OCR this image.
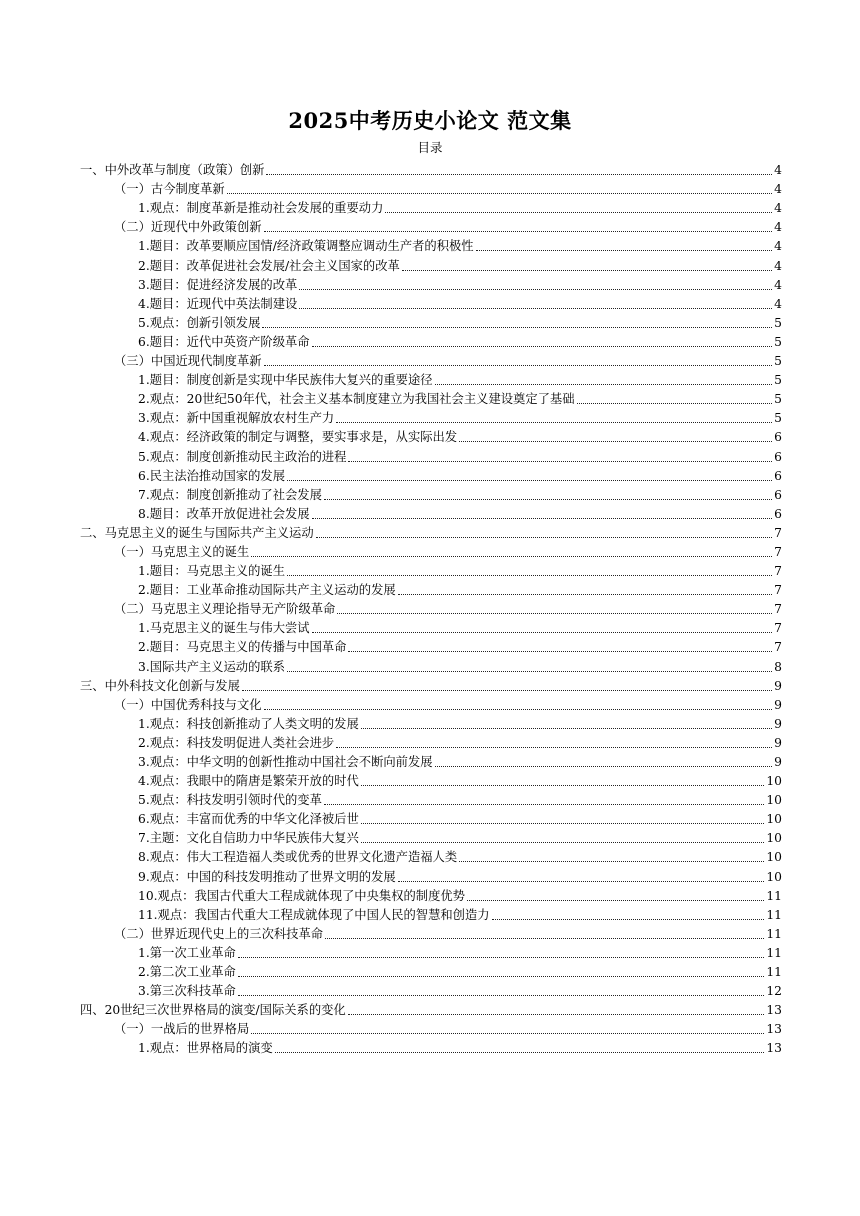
2025中考历史小论文 范文集
目录
一、中外改革与制度（政策）创新	4
（一）古今制度革新	4
1.观点：制度革新是推动社会发展的重要动力	4
（二）近现代中外政策创新	4
1.题目：改革要顺应国情/经济政策调整应调动生产者的积极性	4
2.题目：改革促进社会发展/社会主义国家的改革	4
3.题目：促进经济发展的改革	4
4.题目：近现代中英法制建设	4
5.观点：创新引领发展	5
6.题目：近代中英资产阶级革命	5
（三）中国近现代制度革新	5
1.题目：制度创新是实现中华民族伟大复兴的重要途径	5
2.观点：20世纪50年代，社会主义基本制度建立为我国社会主义建设奠定了基础	5
3.观点：新中国重视解放农村生产力	5
4.观点：经济政策的制定与调整，要实事求是，从实际出发	6
5.观点：制度创新推动民主政治的进程	6
6.民主法治推动国家的发展	6
7.观点：制度创新推动了社会发展	6
8.题目：改革开放促进社会发展	6
二、马克思主义的诞生与国际共产主义运动	7
（一）马克思主义的诞生	7
1.题目：马克思主义的诞生	7
2.题目：工业革命推动国际共产主义运动的发展	7
（二）马克思主义理论指导无产阶级革命	7
1.马克思主义的诞生与伟大尝试	7
2.题目：马克思主义的传播与中国革命	7
3.国际共产主义运动的联系	8
三、中外科技文化创新与发展	9
（一）中国优秀科技与文化	9
1.观点：科技创新推动了人类文明的发展	9
2.观点：科技发明促进人类社会进步	9
3.观点：中华文明的创新性推动中国社会不断向前发展	9
4.观点：我眼中的隋唐是繁荣开放的时代	10
5.观点：科技发明引领时代的变革	10
6.观点：丰富而优秀的中华文化泽被后世	10
7.主题：文化自信助力中华民族伟大复兴	10
8.观点：伟大工程造福人类或优秀的世界文化遗产造福人类	10
9.观点：中国的科技发明推动了世界文明的发展	10
10.观点：我国古代重大工程成就体现了中央集权的制度优势	11
11.观点：我国古代重大工程成就体现了中国人民的智慧和创造力	11
（二）世界近现代史上的三次科技革命	11
1.第一次工业革命	11
2.第二次工业革命	11
3.第三次科技革命	12
四、20世纪三次世界格局的演变/国际关系的变化	13
（一）一战后的世界格局	13
1.观点：世界格局的演变	13
